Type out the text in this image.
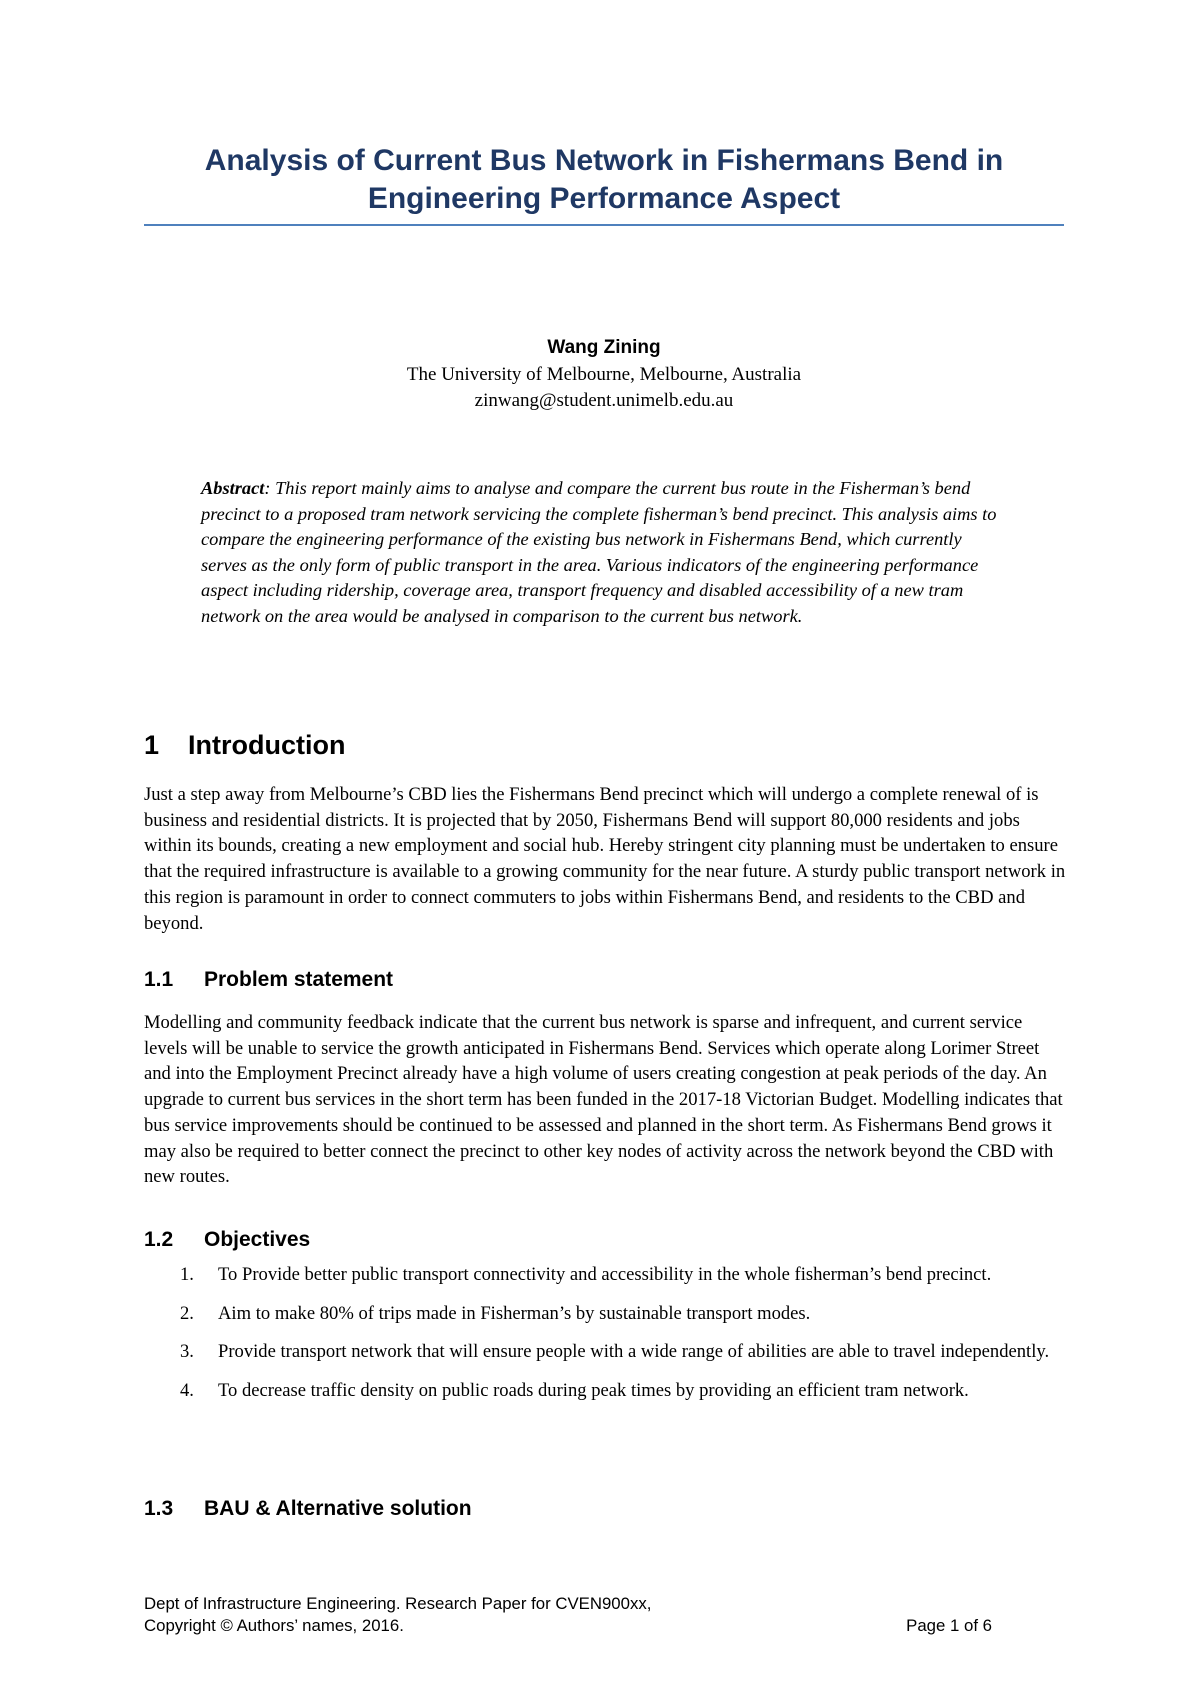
Analysis of Current Bus Network in Fishermans Bend in Engineering Performance Aspect
Wang Zining
The University of Melbourne, Melbourne, Australia
zinwang@student.unimelb.edu.au
Abstract: This report mainly aims to analyse and compare the current bus route in the Fisherman’s bend precinct to a proposed tram network servicing the complete fisherman’s bend precinct. This analysis aims to compare the engineering performance of the existing bus network in Fishermans Bend, which currently serves as the only form of public transport in the area. Various indicators of the engineering performance aspect including ridership, coverage area, transport frequency and disabled accessibility of a new tram network on the area would be analysed in comparison to the current bus network.
1 Introduction
Just a step away from Melbourne’s CBD lies the Fishermans Bend precinct which will undergo a complete renewal of is business and residential districts. It is projected that by 2050, Fishermans Bend will support 80,000 residents and jobs within its bounds, creating a new employment and social hub. Hereby stringent city planning must be undertaken to ensure that the required infrastructure is available to a growing community for the near future. A sturdy public transport network in this region is paramount in order to connect commuters to jobs within Fishermans Bend, and residents to the CBD and beyond.
1.1 Problem statement
Modelling and community feedback indicate that the current bus network is sparse and infrequent, and current service levels will be unable to service the growth anticipated in Fishermans Bend. Services which operate along Lorimer Street and into the Employment Precinct already have a high volume of users creating congestion at peak periods of the day. An upgrade to current bus services in the short term has been funded in the 2017-18 Victorian Budget. Modelling indicates that bus service improvements should be continued to be assessed and planned in the short term. As Fishermans Bend grows it may also be required to better connect the precinct to other key nodes of activity across the network beyond the CBD with new routes.
1.2 Objectives
1. To Provide better public transport connectivity and accessibility in the whole fisherman’s bend precinct.
2. Aim to make 80% of trips made in Fisherman’s by sustainable transport modes.
3. Provide transport network that will ensure people with a wide range of abilities are able to travel independently.
4. To decrease traffic density on public roads during peak times by providing an efficient tram network.
1.3 BAU & Alternative solution
Dept of Infrastructure Engineering. Research Paper for CVEN900xx,
Copyright © Authors’ names, 2016.	Page 1 of 6
